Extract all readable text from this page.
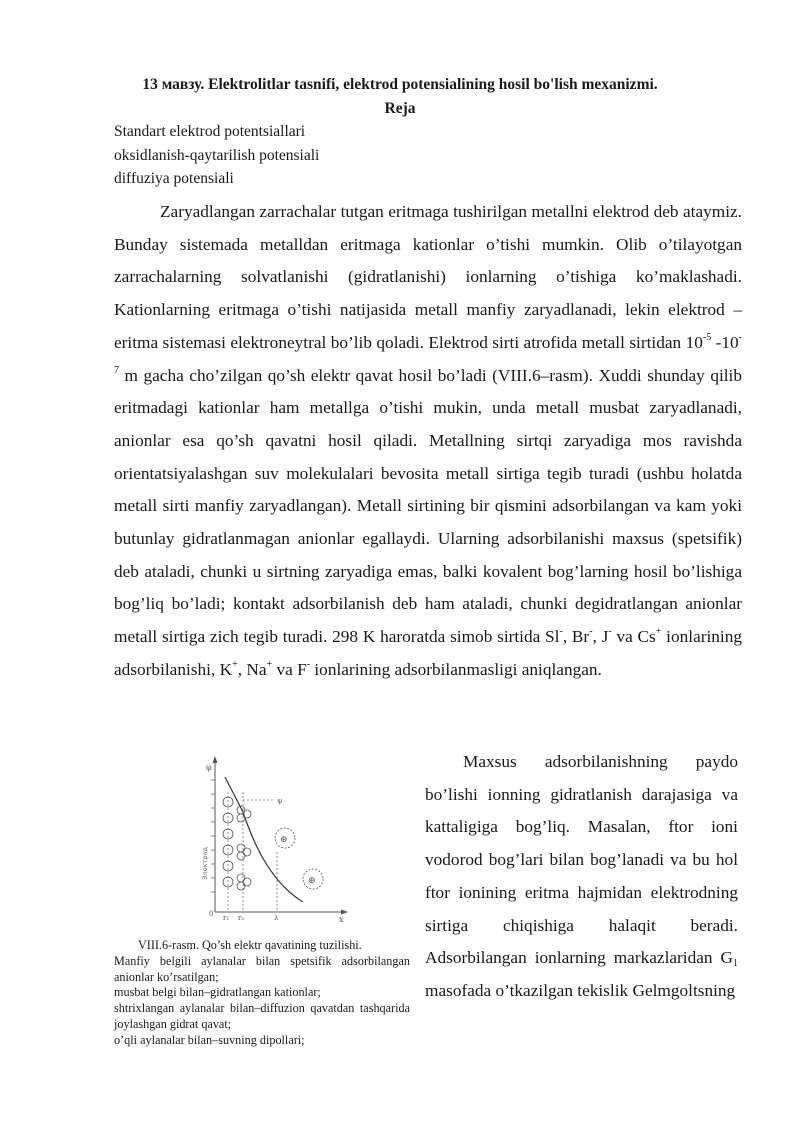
13 мавзу. Elektrolitlar tasnifi, elektrod potensialining hosil bo'lish mexanizmi.
Reja
Standart elektrod potentsiallari
oksidlanish-qaytarilish potensiali
diffuziya potensiali

Zaryadlangan zarrachalar tutgan eritmaga tushirilgan metallni elektrod deb ataymiz. Bunday sistemada metalldan eritmaga kationlar o’tishi mumkin. Olib o’tilayotgan zarrachalarning solvatlanishi (gidratlanishi) ionlarning o’tishiga ko’maklashadi. Kationlarning eritmaga o’tishi natijasida metall manfiy zaryadlanadi, lekin elektrod – eritma sistemasi elektroneytral bo’lib qoladi. Elektrod sirti atrofida metall sirtidan $10^{-5}$ $-10^{-7}$ m gacha cho’zilgan qo’sh elektr qavat hosil bo’ladi (VIII.6–rasm). Xuddi shunday qilib eritmadagi kationlar ham metallga o’tishi mukin, unda metall musbat zaryadlanadi, anionlar esa qo’sh qavatni hosil qiladi. Metallning sirtqi zaryadiga mos ravishda orientatsiyalashgan suv molekulalari bevosita metall sirtiga tegib turadi (ushbu holatda metall sirti manfiy zaryadlangan). Metall sirtining bir qismini adsorbilangan va kam yoki butunlay gidratlanmagan anionlar egallaydi. Ularning adsorbilanishi maxsus (spetsifik) deb ataladi, chunki u sirtning zaryadiga emas, balki kovalent bog’larning hosil bo’lishiga bog’liq bo’ladi; kontakt adsorbilanish deb ham ataladi, chunki degidratlangan anionlar metall sirtiga zich tegib turadi. 298 K haroratda simob sirtida Sl-, Br-, J- va Cs+ ionlarining adsorbilanishi, K+, Na+ va F- ionlarining adsorbilanmasligi aniqlangan.

Maxsus adsorbilanishning paydo bo’lishi ionning gidratlanish darajasiga va kattaligiga bog’liq. Masalan, ftor ioni vodorod bog’lari bilan bog’lanadi va bu hol ftor ionining eritma hajmidan elektrodning sirtiga chiqishiga halaqit beradi. Adsorbilangan ionlarning markazlaridan $G_1$ masofada o’tkazilgan tekislik Gelmgoltsning

φ
x
0
Электрод
r₁ r₂	λ
ψ
⊕
⊕
VIII.6-rasm. Qo’sh elektr qavatining tuzilishi.
Manfiy belgili aylanalar bilan spetsifik adsorbilangan anionlar ko’rsatilgan;
musbat belgi bilan–gidratlangan kationlar;
shtrixlangan aylanalar bilan–diffuzion qavatdan tashqarida joylashgan gidrat qavat;
o’qli aylanalar bilan–suvning dipollari;
